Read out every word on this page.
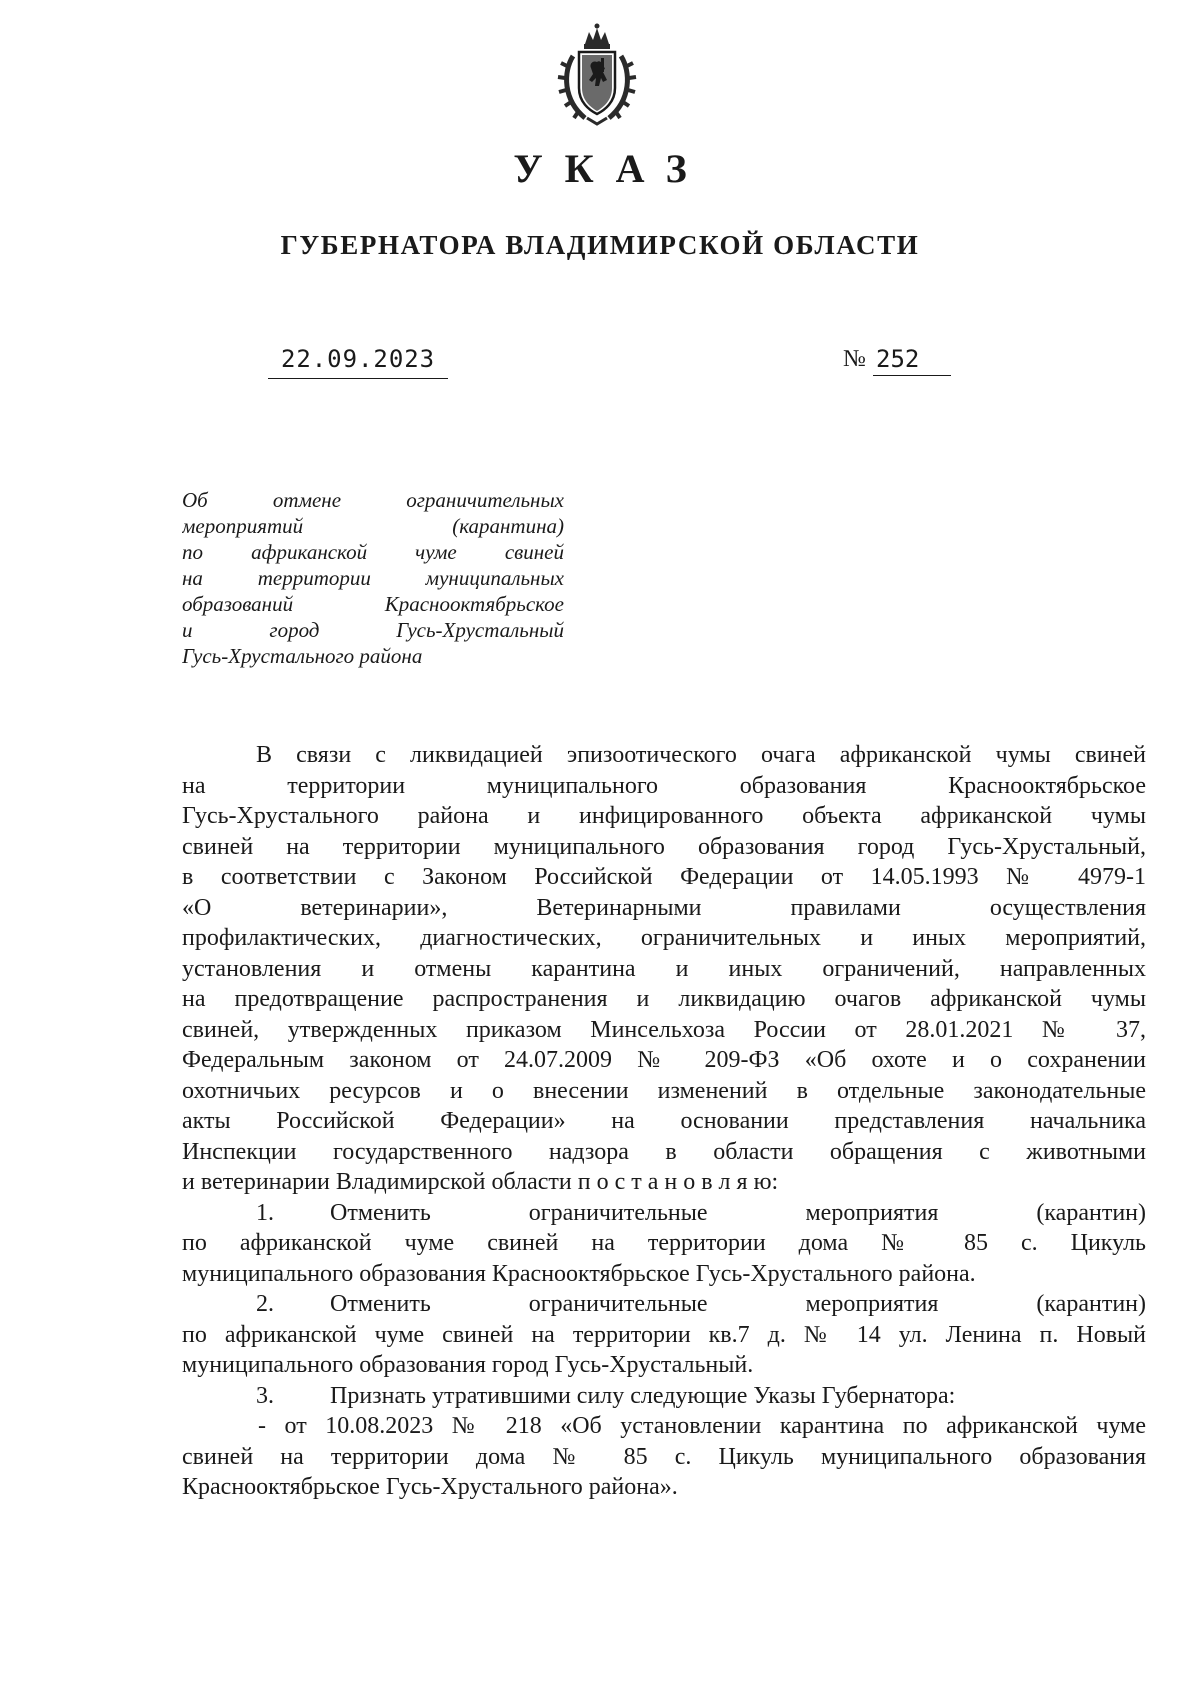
УКАЗ
ГУБЕРНАТОРА ВЛАДИМИРСКОЙ ОБЛАСТИ
22.09.2023	№ 252
Об отмене ограничительных
мероприятий (карантина)
по африканской чуме свиней
на территории муниципальных
образований Краснооктябрьское
и город Гусь-Хрустальный
Гусь-Хрустального района
В связи с ликвидацией эпизоотического очага африканской чумы свиней
на территории муниципального образования Краснооктябрьское
Гусь-Хрустального района и инфицированного объекта африканской чумы
свиней на территории муниципального образования город Гусь-Хрустальный,
в соответствии с Законом Российской Федерации от 14.05.1993 № 4979-1
«О ветеринарии», Ветеринарными правилами осуществления
профилактических, диагностических, ограничительных и иных мероприятий,
установления и отмены карантина и иных ограничений, направленных
на предотвращение распространения и ликвидацию очагов африканской чумы
свиней, утвержденных приказом Минсельхоза России от 28.01.2021 № 37,
Федеральным законом от 24.07.2009 № 209-ФЗ «Об охоте и о сохранении
охотничьих ресурсов и о внесении изменений в отдельные законодательные
акты Российской Федерации» на основании представления начальника
Инспекции государственного надзора в области обращения с животными
и ветеринарии Владимирской области п о с т а н о в л я ю:
1. Отменить ограничительные мероприятия (карантин)
по африканской чуме свиней на территории дома № 85 с. Цикуль
муниципального образования Краснооктябрьское Гусь-Хрустального района.
2. Отменить ограничительные мероприятия (карантин)
по африканской чуме свиней на территории кв.7 д. № 14 ул. Ленина п. Новый
муниципального образования город Гусь-Хрустальный.
3. Признать утратившими силу следующие Указы Губернатора:
- от 10.08.2023 № 218 «Об установлении карантина по африканской чуме
свиней на территории дома № 85 с. Цикуль муниципального образования
Краснооктябрьское Гусь-Хрустального района».
